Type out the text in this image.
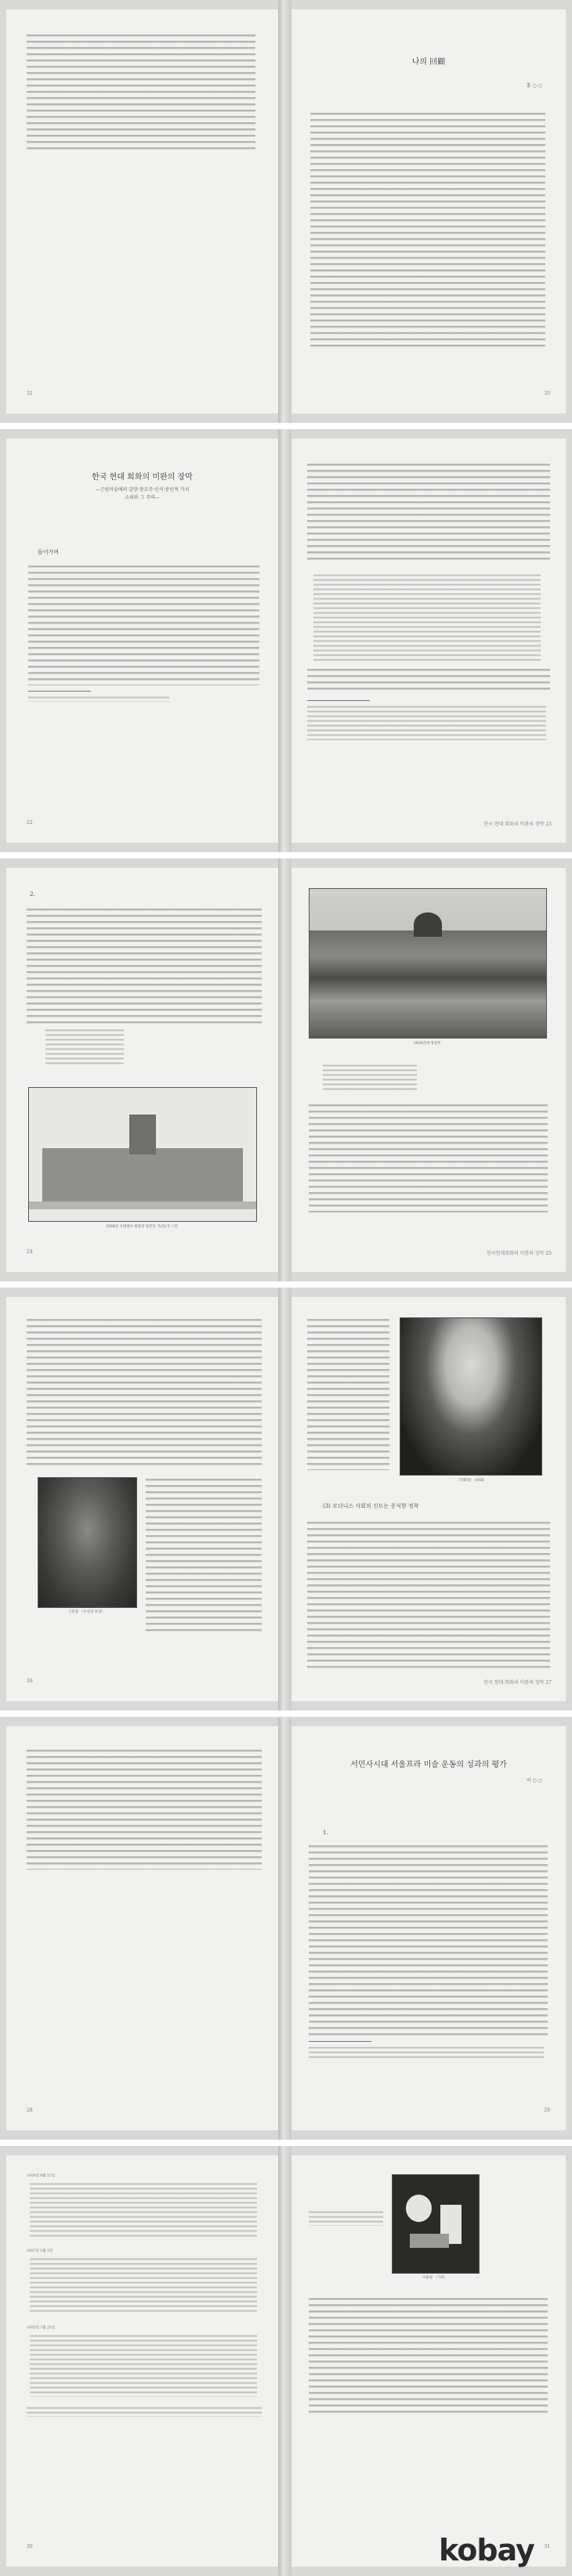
32
나의 回顧
홍 ○ ○
33
한국 현대 회화의 미완의 장막
—근원미술에의 갈망·창조주·인식·문인적 가치
소외와 그 주의—
들어가며
22	한국 현대 회화의 미완의 장막 23
2.
1926년 시대청사 현장의 일본인 가(건)가 그린
24
1920년대 경성부
한국현대회화의 미완의 장막 25
구본웅 〈우인의 초상〉
26
〈자화상〉 1926
(3) 모더니스 사회의 신도는 증식한 정착
한국 현대 회화의 미완의 장막 27
28
서민사시대 서울프라 미술 운동의 성과의 평가
이 ○ ○
1.
29
1920년 8월 12일
1927년 1월 1일
1935년 7월 25일
30
이중섭 〈가족〉
31
kobay
